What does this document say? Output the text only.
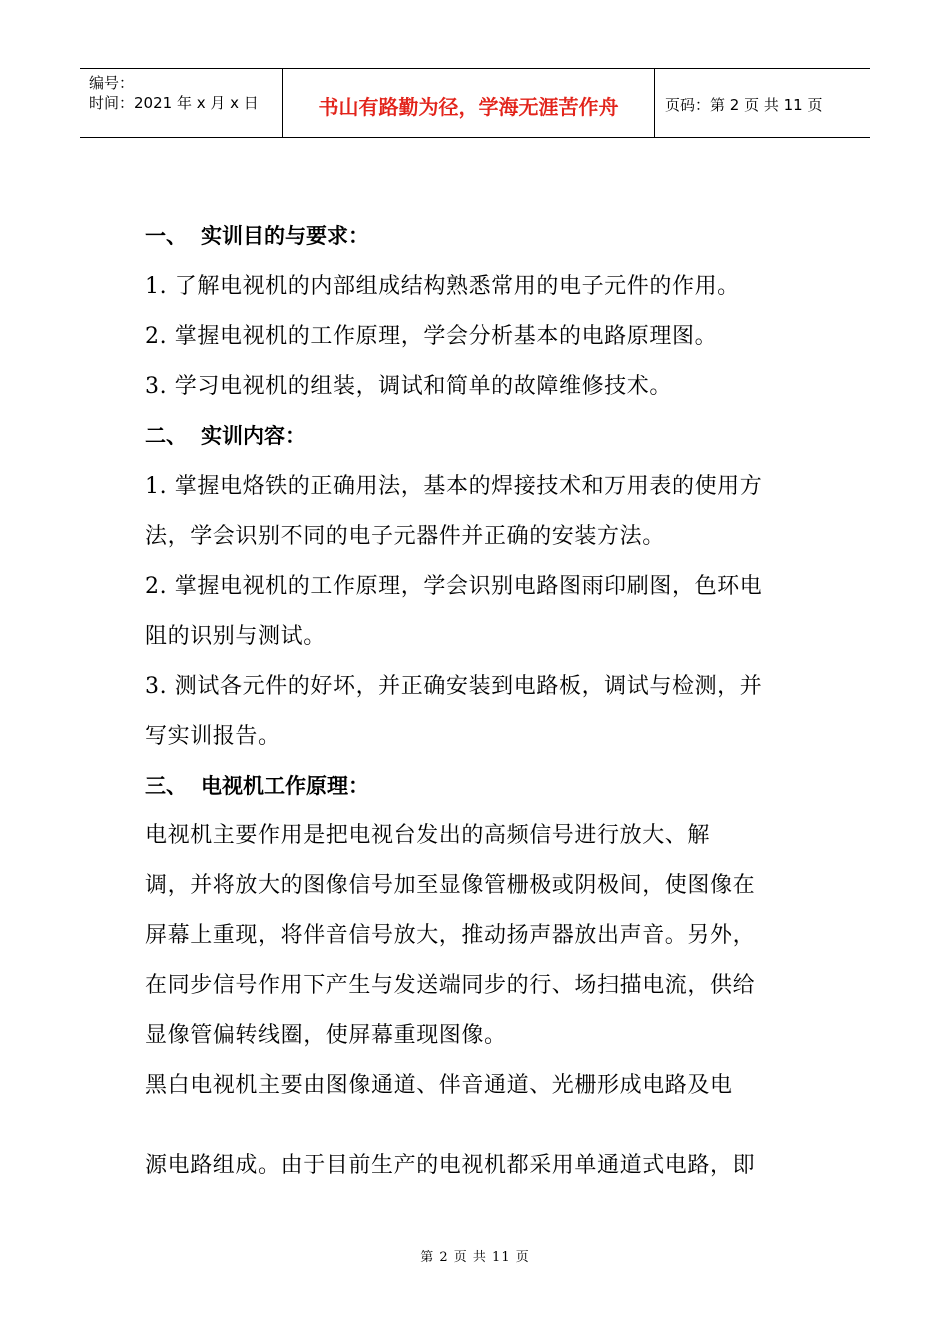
编号：
时间：2021 年 x 月 x 日	书山有路勤为径，学海无涯苦作舟	页码：第 2 页 共 11 页
一、 实训目的与要求：
1. 了解电视机的内部组成结构熟悉常用的电子元件的作用。
2. 掌握电视机的工作原理，学会分析基本的电路原理图。
3. 学习电视机的组装，调试和简单的故障维修技术。
二、 实训内容：
1. 掌握电烙铁的正确用法，基本的焊接技术和万用表的使用方
法，学会识别不同的电子元器件并正确的安装方法。
2. 掌握电视机的工作原理，学会识别电路图雨印刷图，色环电
阻的识别与测试。
3. 测试各元件的好坏，并正确安装到电路板，调试与检测，并
写实训报告。
三、 电视机工作原理：
电视机主要作用是把电视台发出的高频信号进行放大、解
调，并将放大的图像信号加至显像管栅极或阴极间，使图像在
屏幕上重现，将伴音信号放大，推动扬声器放出声音。另外，
在同步信号作用下产生与发送端同步的行、场扫描电流，供给
显像管偏转线圈，使屏幕重现图像。
黑白电视机主要由图像通道、伴音通道、光栅形成电路及电
源电路组成。由于目前生产的电视机都采用单通道式电路，即
第 2 页 共 11 页
